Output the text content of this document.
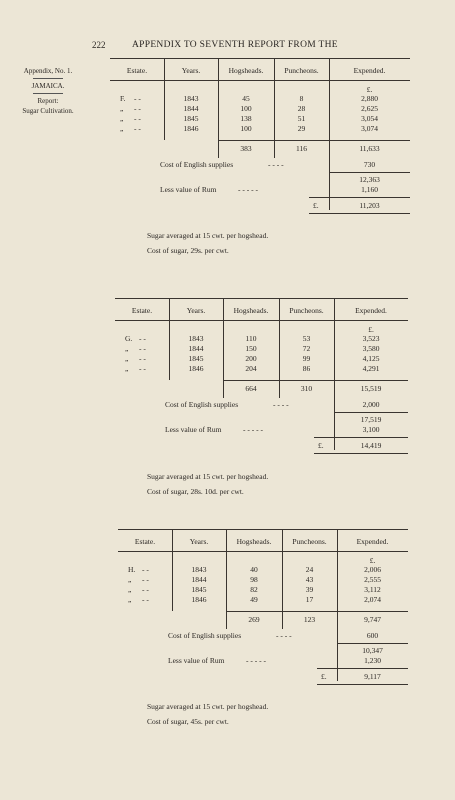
222	APPENDIX TO SEVENTH REPORT FROM THE
Appendix, No. 1.
JAMAICA.
Report:
Sugar Cultivation.
Estate.	Years.	Hogsheads.	Puncheons.	Expended.
£.
F. - -	1843	45	8	2,880
„ - -	1844	100	28	2,625
„ - -	1845	138	51	3,054
„ - -	1846	100	29	3,074
383	116	11,633
Cost of English supplies	- - - -	730
12,363
Less value of Rum	- - - - -	1,160
£.	11,203
Sugar averaged at 15 cwt. per hogshead.
Cost of sugar, 29s. per cwt.
Estate.	Years.	Hogsheads.	Puncheons.	Expended.
£.
G. - -	1843	110	53	3,523
„ - -	1844	150	72	3,580
„ - -	1845	200	99	4,125
„ - -	1846	204	86	4,291
664	310	15,519
Cost of English supplies	- - - -	2,000
17,519
Less value of Rum	- - - - -	3,100
£.	14,419
Sugar averaged at 15 cwt. per hogshead.
Cost of sugar, 28s. 10d. per cwt.
Estate.	Years.	Hogsheads.	Puncheons.	Expended.
£.
H. - -	1843	40	24	2,006
„ - -	1844	98	43	2,555
„ - -	1845	82	39	3,112
„ - -	1846	49	17	2,074
269	123	9,747
Cost of English supplies	- - - -	600
10,347
Less value of Rum	- - - - -	1,230
£.	9,117
Sugar averaged at 15 cwt. per hogshead.
Cost of sugar, 45s. per cwt.
